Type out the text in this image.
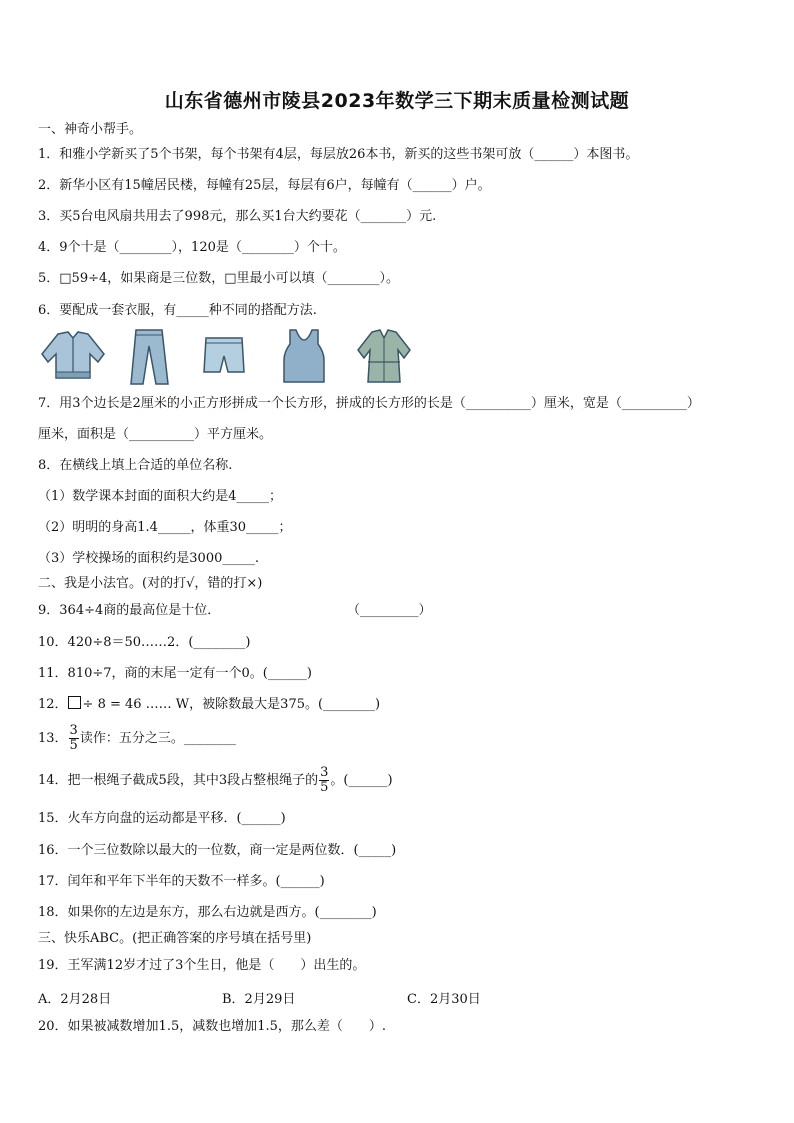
山东省德州市陵县2023年数学三下期末质量检测试题
一、神奇小帮手。
1．和雅小学新买了5个书架，每个书架有4层，每层放26本书，新买的这些书架可放（______）本图书。
2．新华小区有15幢居民楼，每幢有25层，每层有6户，每幢有（______）户。
3．买5台电风扇共用去了998元，那么买1台大约要花（_______）元.
4．9个十是（________），120是（________）个十。
5．□59÷4，如果商是三位数，□里最小可以填（________）。
6．要配成一套衣服，有_____种不同的搭配方法.
7．用3个边长是2厘米的小正方形拼成一个长方形，拼成的长方形的长是（__________）厘米，宽是（__________）
厘米，面积是（__________）平方厘米。
8．在横线上填上合适的单位名称.
（1）数学课本封面的面积大约是4_____；
（2）明明的身高1.4_____，体重30_____；
（3）学校操场的面积约是3000_____.
二、我是小法官。(对的打√，错的打×)
9．364÷4商的最高位是十位．	（_________）
10．420÷8＝50……2．(________)
11．810÷7，商的末尾一定有一个0。(______)
12． ÷ 8 = 46 …… W，被除数最大是375。(________)
13． $\frac{3}{5}$ 读作：五分之三。________
14．把一根绳子截成5段，其中3段占整根绳子的 $\frac{3}{5}$ 。(______)
15．火车方向盘的运动都是平移．(______)
16．一个三位数除以最大的一位数，商一定是两位数．(_____)
17．闰年和平年下半年的天数不一样多。(______)
18．如果你的左边是东方，那么右边就是西方。(________)
三、快乐ABC。(把正确答案的序号填在括号里)
19．王军满12岁才过了3个生日，他是（　　）出生的。
A．2月28日	B．2月29日	C．2月30日
20．如果被减数增加1.5，减数也增加1.5，那么差（　　）.
